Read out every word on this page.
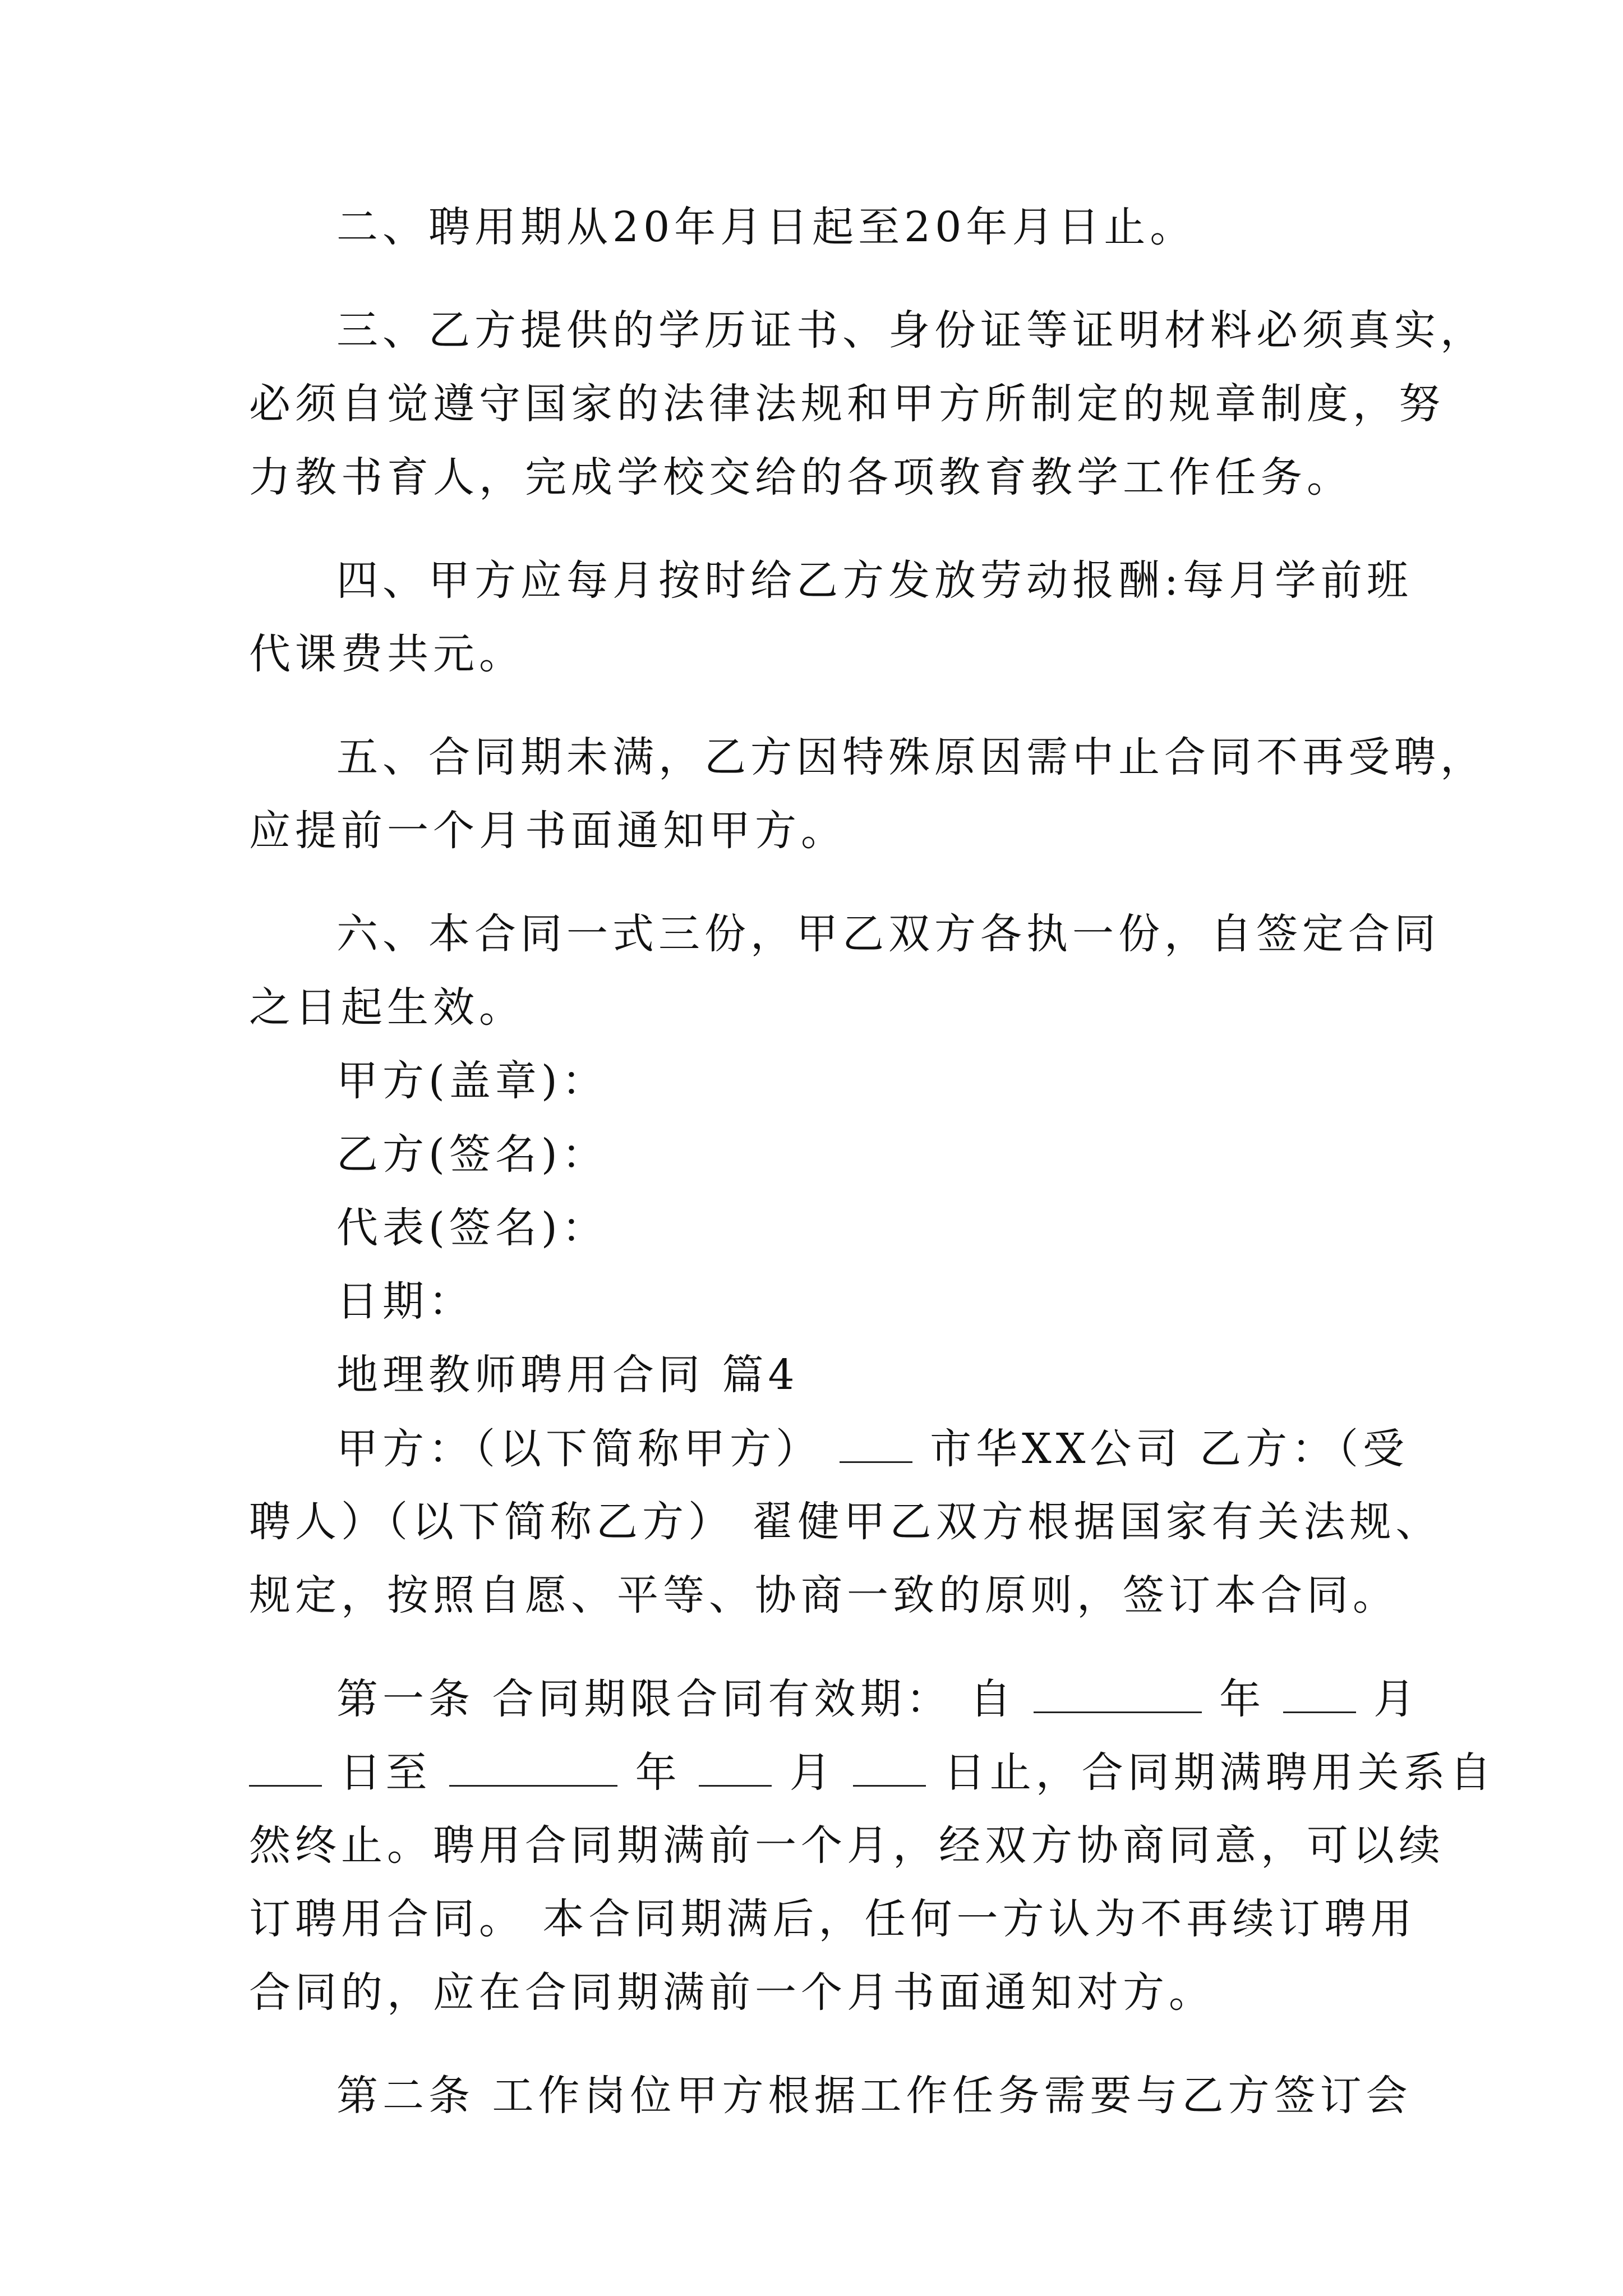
二、聘用期从20年月日起至20年月日止。

三、乙方提供的学历证书、身份证等证明材料必须真实，

必须自觉遵守国家的法律法规和甲方所制定的规章制度，努

力教书育人，完成学校交给的各项教育教学工作任务。

四、甲方应每月按时给乙方发放劳动报酬:每月学前班

代课费共元。

五、合同期未满，乙方因特殊原因需中止合同不再受聘，

应提前一个月书面通知甲方。

六、本合同一式三份，甲乙双方各执一份，自签定合同

之日起生效。

甲方(盖章)：

乙方(签名)：

代表(签名)：

日期：

地理教师聘用合同 篇4

甲方：（以下简称甲方）	市华XX公司 乙方：（受

聘人）（以下简称乙方） 翟健甲乙双方根据国家有关法规、

规定，按照自愿、平等、协商一致的原则，签订本合同。

第一条 合同期限合同有效期： 自	年	月

日至	年	月	日止，合同期满聘用关系自

然终止。聘用合同期满前一个月，经双方协商同意，可以续

订聘用合同。 本合同期满后，任何一方认为不再续订聘用

合同的，应在合同期满前一个月书面通知对方。

第二条 工作岗位甲方根据工作任务需要与乙方签订会
